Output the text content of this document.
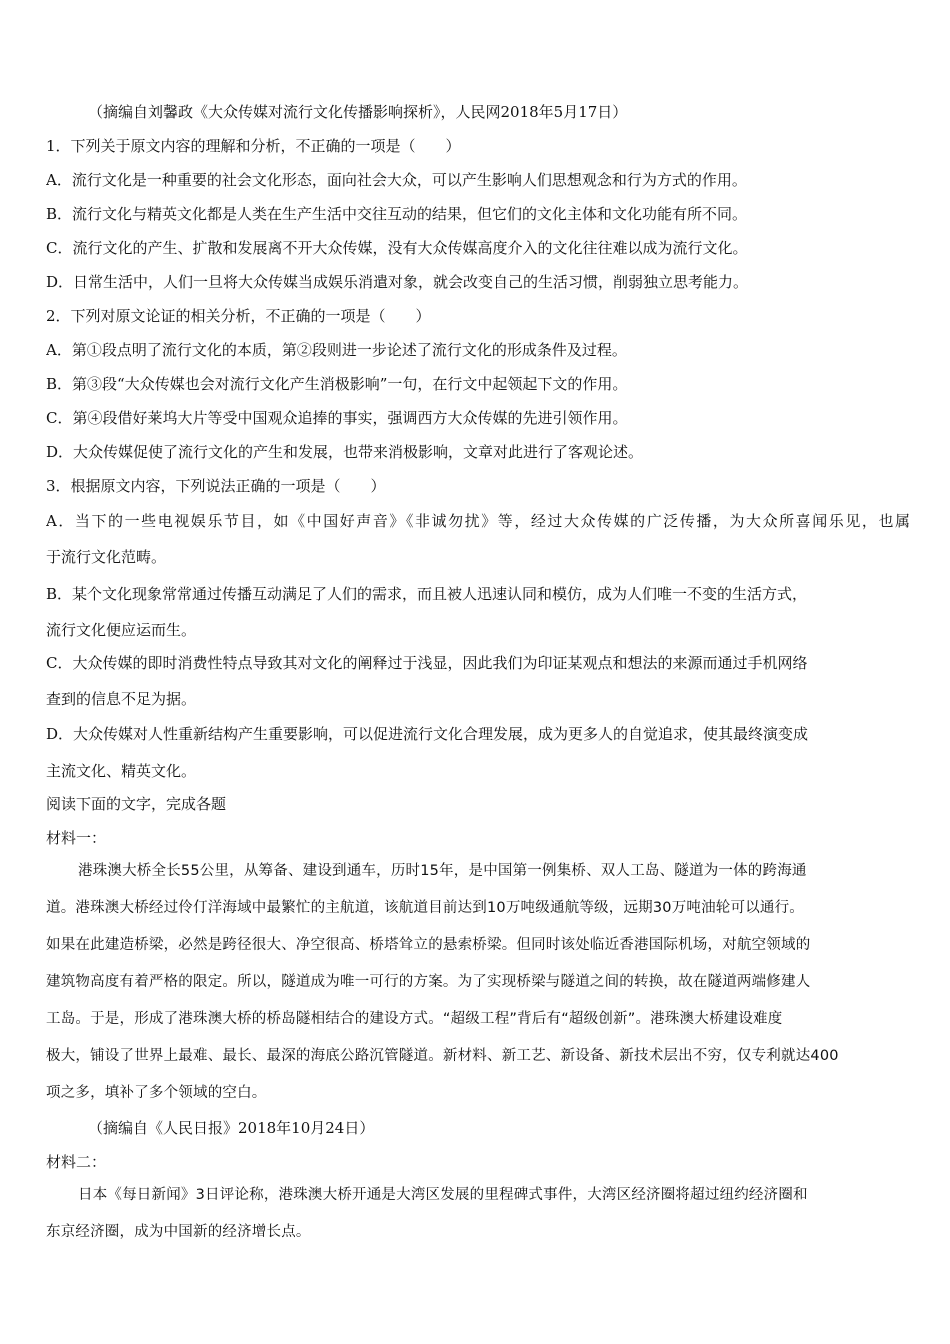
（摘编自刘馨政《大众传媒对流行文化传播影响探析》，人民网2018年5月17日）
1．下列关于原文内容的理解和分析，不正确的一项是（　　）
A．流行文化是一种重要的社会文化形态，面向社会大众，可以产生影响人们思想观念和行为方式的作用。
B．流行文化与精英文化都是人类在生产生活中交往互动的结果，但它们的文化主体和文化功能有所不同。
C．流行文化的产生、扩散和发展离不开大众传媒，没有大众传媒高度介入的文化往往难以成为流行文化。
D．日常生活中，人们一旦将大众传媒当成娱乐消遣对象，就会改变自己的生活习惯，削弱独立思考能力。
2．下列对原文论证的相关分析，不正确的一项是（　　）
A．第①段点明了流行文化的本质，第②段则进一步论述了流行文化的形成条件及过程。
B．第③段“大众传媒也会对流行文化产生消极影响”一句，在行文中起领起下文的作用。
C．第④段借好莱坞大片等受中国观众追捧的事实，强调西方大众传媒的先进引领作用。
D．大众传媒促使了流行文化的产生和发展，也带来消极影响，文章对此进行了客观论述。
3．根据原文内容，下列说法正确的一项是（　　）
A．当下的一些电视娱乐节目，如《中国好声音》《非诚勿扰》等，经过大众传媒的广泛传播，为大众所喜闻乐见，也属
于流行文化范畴。
B．某个文化现象常常通过传播互动满足了人们的需求，而且被人迅速认同和模仿，成为人们唯一不变的生活方式，
流行文化便应运而生。
C．大众传媒的即时消费性特点导致其对文化的阐释过于浅显，因此我们为印证某观点和想法的来源而通过手机网络
查到的信息不足为据。
D．大众传媒对人性重新结构产生重要影响，可以促进流行文化合理发展，成为更多人的自觉追求，使其最终演变成
主流文化、精英文化。
阅读下面的文字，完成各题
材料一：
港珠澳大桥全长55公里，从筹备、建设到通车，历时15年，是中国第一例集桥、双人工岛、隧道为一体的跨海通
道。港珠澳大桥经过伶仃洋海域中最繁忙的主航道，该航道目前达到10万吨级通航等级，远期30万吨油轮可以通行。
如果在此建造桥梁，必然是跨径很大、净空很高、桥塔耸立的悬索桥梁。但同时该处临近香港国际机场，对航空领域的
建筑物高度有着严格的限定。所以，隧道成为唯一可行的方案。为了实现桥梁与隧道之间的转换，故在隧道两端修建人
工岛。于是，形成了港珠澳大桥的桥岛隧相结合的建设方式。“超级工程”背后有“超级创新”。港珠澳大桥建设难度
极大，铺设了世界上最难、最长、最深的海底公路沉管隧道。新材料、新工艺、新设备、新技术层出不穷，仅专利就达400
项之多，填补了多个领域的空白。
（摘编自《人民日报》2018年10月24日）
材料二：
日本《每日新闻》3日评论称，港珠澳大桥开通是大湾区发展的里程碑式事件，大湾区经济圈将超过纽约经济圈和
东京经济圈，成为中国新的经济增长点。
